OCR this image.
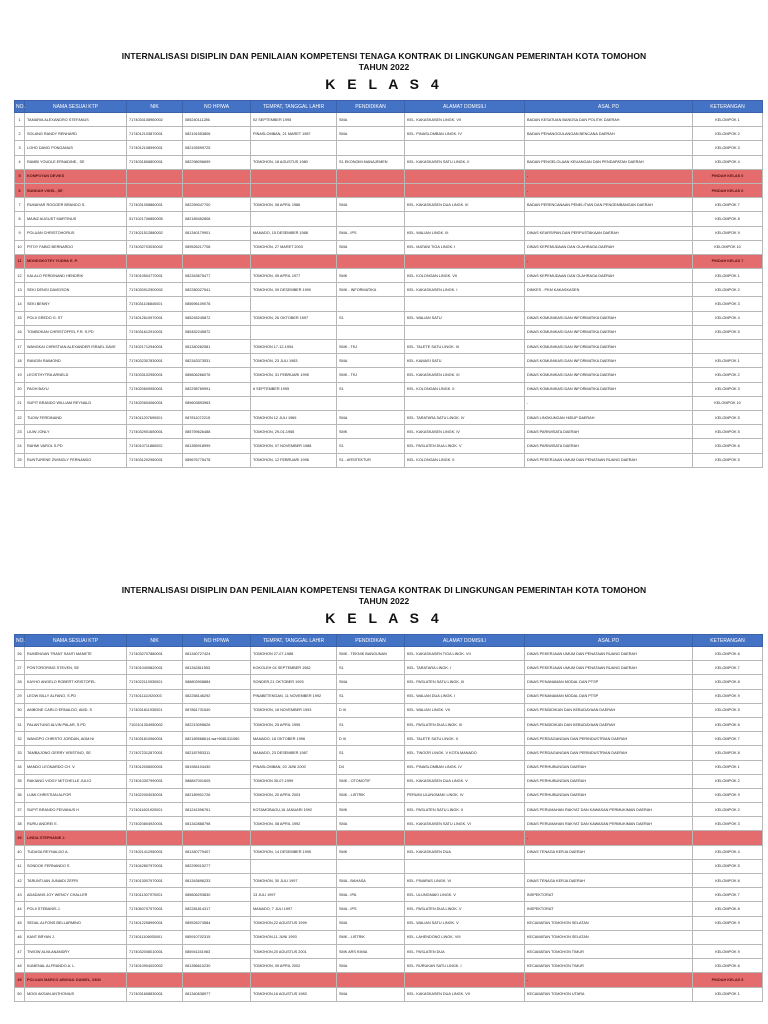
INTERNALISASI DISIPLIN DAN PENILAIAN KOMPETENSI TENAGA KONTRAK DI LINGKUNGAN PEMERINTAH KOTA TOMOHON
TAHUN 2022
K E L A S 4
NO.	NAMA SESUAI KTP	NIK	NO HP/WA	TEMPAT, TANGGAL LAHIR	PENDIDIKAN	ALAMAT DOMISILI	ASAL PD	KETERANGAN
1	TAMARIA ALEXANDRO STEFANUS	7174034108960002	085240111286	02 SEPTEMBER 1995	SMA	KEL. KAKASKASEN LINGK. VII	BADAN KESATUAN BANGSA DAN POLITIK DAERAH	KELOMPOK 1
2	SOLANG RANDY RENHARD	7174012103870001	082191553806	PINASLOMBAN, 21 MARET 1987	SMA	KEL. PINASLOMBAN LINGK. IV	BADAN PENANGGULANGAN BENCANA DAERAH	KELOMPOK 2
3	LOHO DAVID PONGANUS	7174012108990001	082193599725					KELOMPOK 3
4	RAMBI YOUDLE ERNADINE., SE	7174031808800001	082298096699	TOMOHON, 18 AGUSTUS 1980	S1 EKONOMI MANAJEMEN	KEL. KAKASKASEN SATU LINGK. II	BADAN PENGELOLAAN KEUANGAN DAN PENDAPATAN DAERAH	KELOMPOK 4
5	KOMPOYAN DEVIKS						-	PINDAH KELAS 6
6	SUNDAH VIKEL, SE						-	PINDAH KELAS 6
7	RUMAYAR ROGGER BRANDO S.	7174031008860001	082259047700	TOMOHON, 08 APRIL 1986	SMA	KEL. KAKASKASEN DUA LINGK. III	BADAN PERENCANAAN PENELITIAN DAN PENGEMBANGAN DAERAH	KELOMPOK 7
8	MAINZ AUGUST MARTINUS	3171021706850005	082189452808					KELOMPOK 8
9	POLUAN CHRISTOHORUS	7174021512880002	081340179901	MANADO, 15 DESEMBER 1988	SMA - IPS	KEL. WALIAN LINGK. III	DINAS KEARSIPAN DAN PERPUSTAKAAN DAERAH	KELOMPOK 9
10	PITOY FABIO BERNARDO	7174032703030002	089526217708	TOMOHON, 27 MARET 2003	SMA	KEL. MATANI TIGA LINGK. I	DINAS KEPEMUDAAN DAN OLAHRAGA DAERAH	KELOMPOK 10
11	MONDOKOTEY YUDHA E. P.						-	PINDAH KELAS 7
12	KALALO FERDINAND HENDRIK	7174010504770001	082343675477	TOMOHON, 05 APRIL 1977	SMK	KEL. KOLONGAN LINGK. VII	DINAS KEPEMUDAAN DAN OLAHRAGA DAERAH	KELOMPOK 1
13	SEKI DENGI DAVIDSON	7174030912900002	082280027541	TOMOHON, 09 DESEMBER 1990	SMK - INFORMATIKA	KEL. KAKASKASEN LINGK. I	DINKES - PKM KAKASKASEN	KELOMPOK 2
14	SEKI BENNY	7174031106840001	085696109076					KELOMPOK 3
15	POLII GREDO G. ST	7174012610970001	085245245872	TOMOHON, 26 OKTOBER 1997	S1	KEL. WALIAN SATU	DINAS KOMUNIKASI DAN INFORMATIKA DAERAH	KELOMPOK 4
16	TOMBOKAN CHRISTOFFEL F.R. S.PD	7174031612910001	085452245872				DINAS KOMUNIKASI DAN INFORMATIKA DAERAH	KELOMPOK 5
17	WANGKAI CHRISTIAN ALEXANDER ISRAEL DAVE	7174021712940001	081340282581	TOMOHON 17-12-1994	SMK - TKJ	KEL. TALETE SATU LINGK. III	DINAS KOMUNIKASI DAN INFORMATIKA DAERAH	
18	RANGIN RAIMOND	7174032307830001	082343373531	TOMOHON, 23 JULI 1983	SMA	KEL. KAMASI SATU	DINAS KOMUNIKASI DAN INFORMATIKA DAERAH	KELOMPOK 1
19	LEOSTHYTRA ARNELD	7174033102950001	085606266076	TOMOHON, 31 FEBRUARI 1995	SMK - TKJ	KEL. KAKASKASEN LINGK. III	DINAS KOMUNIKASI DAN INFORMATIKA DAERAH	KELOMPOK 2
20	PAOH BAYU	7174020609950001	082298769991	6 SEPTEMBER 1995	S1	KEL. KOLONGAN LINGK. II	DINAS KOMUNIKASI DAN INFORMATIKA DAERAH	KELOMPOK 3
21	SUPIT BRANDO WILLIAM REYNALD	7174020604060001	089603893963				-	KELOMPOK 10
22	TUOW FERDINAND	7174011207690001	087811072215	TOMOHON 12 JULI 1969	SMA	KEL. TARATARA SATU LINGK. IV	DINAS LINGKUNGAN HIDUP DAERAH	KELOMPOK 5
23	LIUW JONLY	7174032901650001	085759626488	TOMOHON, 29-01-1965	SMK	KEL. KAKASKASEN LINGK. IV	DINAS PARIWISATA DAERAH	KELOMPOK 5
24	RAHMI VAROL S.PD	7174010711880002	081355918999	TOMOHON, 07 NOVEMBER 1988	S1	KEL. PASLATEN DUA LINGK. V	DINAS PARIWISATA DAERAH	KELOMPOK 6
25	RUNTURENE ZWINGLY FERNANDO	7174031202960001	089676775478	TOMOHON, 12 FEBRUARI 1996	S1 - ARSITEKTUR	KEL. KOLONGAN LINGK. II	DINAS PEKERJAAN UMUM DAN PENATAAN RUANG DAERAH	KELOMPOK 5
INTERNALISASI DISIPLIN DAN PENILAIAN KOMPETENSI TENAGA KONTRAK DI LINGKUNGAN PEMERINTAH KOTA TOMOHON
TAHUN 2022
K E L A S 4
NO.	NAMA SESUAI KTP	NIK	NO HP/WA	TEMPAT, TANGGAL LAHIR	PENDIDIKAN	ALAMAT DOMISILI	ASAL PD	KETERANGAN
26	RUMENGAN TRANT SANTI MANETE	7174032707880001	081340727424	TOMOHON 27-07-1988	SMK - TEKNIK BANGUNAN	KEL. KAKASKASEN TIGA LINGK. VII	DINAS PEKERJAAN UMUM DAN PENATAAN RUANG DAERAH	KELOMPOK 6
27	PONTORORING STEVEN, SE	7174010409820001	081342811553	KOKOLEH 04 SEPTEMBER 1982	S1	KEL. TARATARA LINGK. I	DINAS PEKERJAAN UMUM DAN PENATAAN RUANG DAERAH	KELOMPOK 7
28	KAYHO ANGELO ROBERT KRISTOFEL	7174022110930001	088803908884	SONDER,21 OKTOBER 1993	SMA	KEL. PASLATEN SATU LINGK. III	DINAS PENANAMAN MODAL DAN PTSP	KELOMPOK 8
29	LEOW BILLY ALFANO, S.PD	7174011111920003	082258146292	PINABETENGAN, 11 NOVEMBER 1992	S1	KEL. WALIAN DUA LINGK. I	DINAS PENANAMAN MODAL DAN PTSP	KELOMPOK 9
30	AMBONE CARLO ERNALDO, AMD. S	7174031811930001	087861731540	TOMOHON, 18 NOVEMBER 1993	D III	KEL. WALIAN LINGK. VII	DINAS PENDIDIKAN DAN KEBUDAYAAN DAERAH	KELOMPOK 5
31	PALANTUNG ALVIN PALAR, S.PD	7102101304950002	082213095626	TOMOHON, 25 APRIL 1995	S1	KEL. PASLATEN DUA LINGK. III	DINAS PENDIDIKAN DAN KEBUDAYAAN DAERAH	KELOMPOK 6
32	WANGPO CHRISTO JORDAN, ADM.NI	7174031810960001	082189568614 wa+6081311060	MANADO, 18 OKTOBER 1996	D III	KEL. TALETE SATU LINGK. II	DINAS PERDAGANGAN DAN PERINDUSTRIAN DAERAH	KELOMPOK 7
33	TAMBAJONG GERRY KRISTINO, SE	7174072312870001	082187953311	MANADO, 23 DESEMBER 1987	S1	KEL. TINOOR LINGK. V KOTA MANADO	DINAS PERDAGANGAN DAN PERINDUSTRIAN DAERAH	KELOMPOK 8
34	MANDO LEONARDO CH. V.	7174012006000001	081984104430	PINASLOMBAN, 20 JUNI 2000	D4	KEL. PINASLOMBAN LINGK. IV	DINAS PERHUBUNGAN DAERAH	KELOMPOK 1
35	RAKIANG VIOGY MITCHELLE JULIO	7174010307990001	088847001605	TOMOHON 30-07-1999	SMK - OTOMOTIF	KEL. KAKASKASEN DUA LINGK. V	DINAS PERHUBUNGAN DAERAH	KELOMPOK 2
36	LUMI CHRISTIAN ALFOR	7174022004030001	082189901726	TOMOHON, 20 APRIL 2003	SMK - LISTRIK	PERUMI ULUNGMAKI LINGK. IV	DINAS PERHUBUNGAN DAERAH	KELOMPOK 9
37	SUPIT BRANDO FEIVANUS H	7174011601920001	081241596761	KOTAMOBAGU,16 JANUARI 1992	SMK	KEL. PASLATEN SATU LINGK. II	DINAS PERUMAHAN RAKYAT DAN KAWASAN PERMUKIMAN DAERAH	KELOMPOK 2
38	RURU ANDREI E.	7174020804920001	081342888798	TOMOHON, 08 APRIL 1992	SMA	KEL. KAKASKASEN SATU LINGK. VI	DINAS PERUMAHAN RAKYAT DAN KAWASAN PERMUKIMAN DAERAH	KELOMPOK 3
39	LINDA STEPHANIE J.						-	
40	TUDASA REYNALDO A.	7174021412950001	081340779407	TOMOHON, 14 DESEMBER 1995	SMK	KEL. KAKASKASEN DUA	DINAS TENAGA KERJA DAERAH	KELOMPOK 4
41	SONDOK FERNANDO S	7174042807970001	082295015277					KELOMPOK 5
42	TARUNTUAN JUNAIDI ZEFRI	7174013007970001	081343696233	TOMOHON, 30 JULI 1997	SMA - BAHASA	KEL. PINARAS LINGK. VI	DINAS TENAGA KERJA DAERAH	KELOMPOK 6
43	ADADANS JOY WENCY CHALLER	7174011307970001	085606293830	13 JULI 1997	SMA - IPA	KEL. ULUNGMAKI LINGK. V	INSPEKTORAT	KELOMPOK 7
44	POLII STEBANIS J.	7174050707970001	082281814317	MANADO, 7 JULI 1997	SMA - IPS	KEL. PASLATEN DUA LINGK. V	INSPEKTORAT	KELOMPOK 8
45	SEDAL ALFONS BELLARMINO	7174012208990001	089526274584	TOMOHON,22 AGUSTUS 1999	SMA	KEL. WALIAN SATU LINGK. V	KECAMATAN TOMOHON SELATAN	KELOMPOK 9
46	KANT BRYAN J.	7174011106930001	085910702315	TOMOHON,11 JUNI 1993	SMK - LISTRIK	KEL. LAHENDONG LINGK. VIII	KECAMATAN TOMOHON SELATAN	
47	TIWOW ALVA ANANDRY	7174032008010001	085941151983	TOMOHON,20 AGUSTUS 2001	SMK ARS KIMIA	KEL. PASLATEN DUA	KECAMATAN TOMOHON TIMUR	KELOMPOK 9
48	KUMENAL ALFRANDO A. L.	7174010904020002	081356610230	TOMOHON, 09 APRIL 2002	SMA	KEL. RURUKAN SATU LINGK. I	KECAMATAN TOMOHON TIMUR	KELOMPOK 6
49	POLUAN MARCO ABIGAIL DANIEL, SKM						-	PINDAH KELAS 8
50	MOGI AKSAN ANTHONIUS	7174031608830001	081340638977	TOMOHON,16 AGUSTUS 1983	SMA	KEL. KAKASKASEN DUA LINGK. VII	KECAMATAN TOMOHON UTARA	KELOMPOK 1
